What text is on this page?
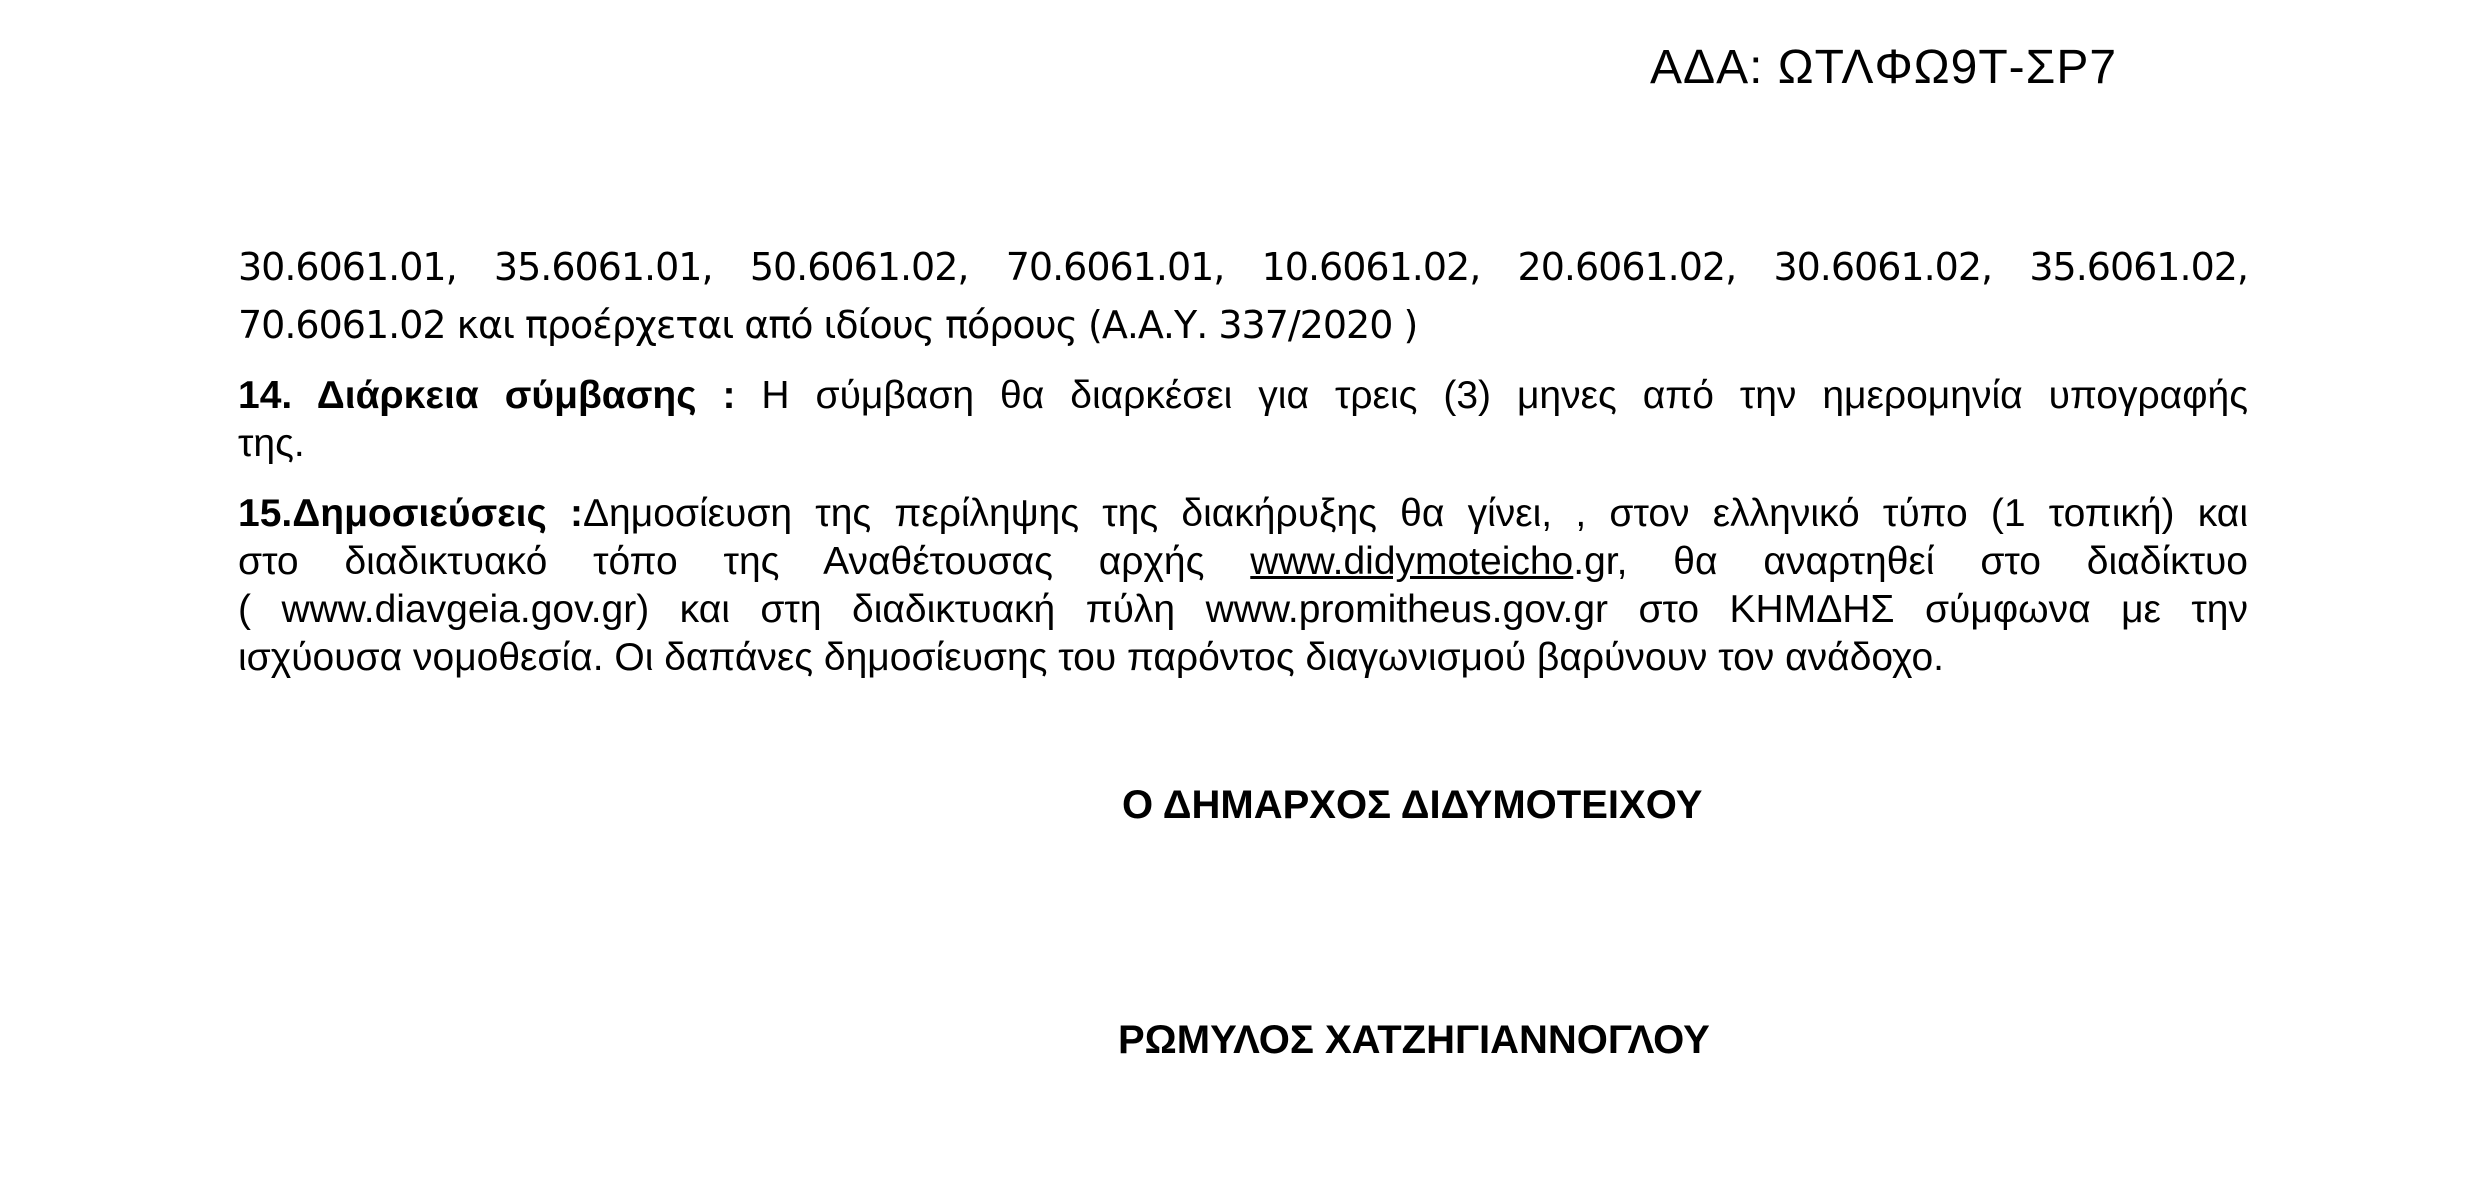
ΑΔΑ: ΩΤΛΦΩ9Τ-ΣΡ7
30.6061.01, 35.6061.01, 50.6061.02, 70.6061.01, 10.6061.02, 20.6061.02, 30.6061.02, 35.6061.02,
70.6061.02 και προέρχεται από ιδίους πόρους (Α.Α.Υ. 337/2020 )
14. Διάρκεια σύμβασης : Η σύμβαση θα διαρκέσει για τρεις (3) μηνες από την ημερομηνία υπογραφής
της.
15.Δημοσιεύσεις :Δημοσίευση της περίληψης της διακήρυξης θα γίνει, , στον ελληνικό τύπο (1 τοπική) και
στο διαδικτυακό τόπο της Αναθέτουσας αρχής www.didymoteicho.gr, θα αναρτηθεί στο διαδίκτυο
( www.diavgeia.gov.gr) και στη διαδικτυακή πύλη www.promitheus.gov.gr στο ΚΗΜΔΗΣ σύμφωνα με την
ισχύουσα νομοθεσία. Οι δαπάνες δημοσίευσης του παρόντος διαγωνισμού βαρύνουν τον ανάδοχο.
Ο ΔΗΜΑΡΧΟΣ ΔΙΔΥΜΟΤΕΙΧΟΥ
ΡΩΜΥΛΟΣ ΧΑΤΖΗΓΙΑΝΝΟΓΛΟΥ
